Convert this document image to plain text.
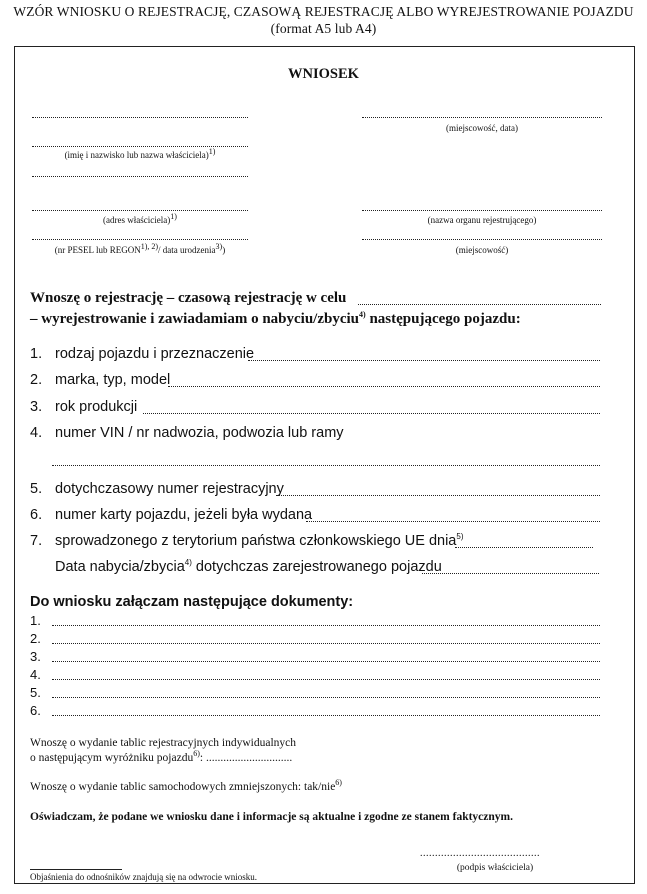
WZÓR WNIOSKU O REJESTRACJĘ, CZASOWĄ REJESTRACJĘ ALBO WYREJESTROWANIE POJAZDU
(format A5 lub A4)
WNIOSEK
(imię i nazwisko lub nazwa właściciela)$^{1)}$
(miejscowość, data)
(adres właściciela)$^{1)}$	(nazwa organu rejestrującego)
(nr PESEL lub $REGON^{1), 2)}/$ data urodzenia$^{3)}$)	(miejscowość)
Wnoszę o rejestrację – czasową rejestrację w celu
– wyrejestrowanie i zawiadamiam o nabyciu/zbyciu$^{4)}$ następującego pojazdu:
1. rodzaj pojazdu i przeznaczenie
2. marka, typ, model
3. rok produkcji
4. numer VIN / nr nadwozia, podwozia lub ramy
5. dotychczasowy numer rejestracyjny
6. numer karty pojazdu, jeżeli była wydana
7. sprowadzonego z terytorium państwa członkowskiego UE dnia$^{5)}$
Data nabycia/zbycia$^{4)}$ dotychczas zarejestrowanego pojazdu
Do wniosku załączam następujące dokumenty:
1.
2.
3.
4.
5.
6.
Wnoszę o wydanie tablic rejestracyjnych indywidualnych
o następującym wyróżniku pojazdu$^{6)}$: ..............................
Wnoszę o wydanie tablic samochodowych zmniejszonych: tak/nie$^{6)}$
Oświadczam, że podane we wniosku dane i informacje są aktualne i zgodne ze stanem faktycznym.
........................................
(podpis właściciela)
Objaśnienia do odnośników znajdują się na odwrocie wniosku.
